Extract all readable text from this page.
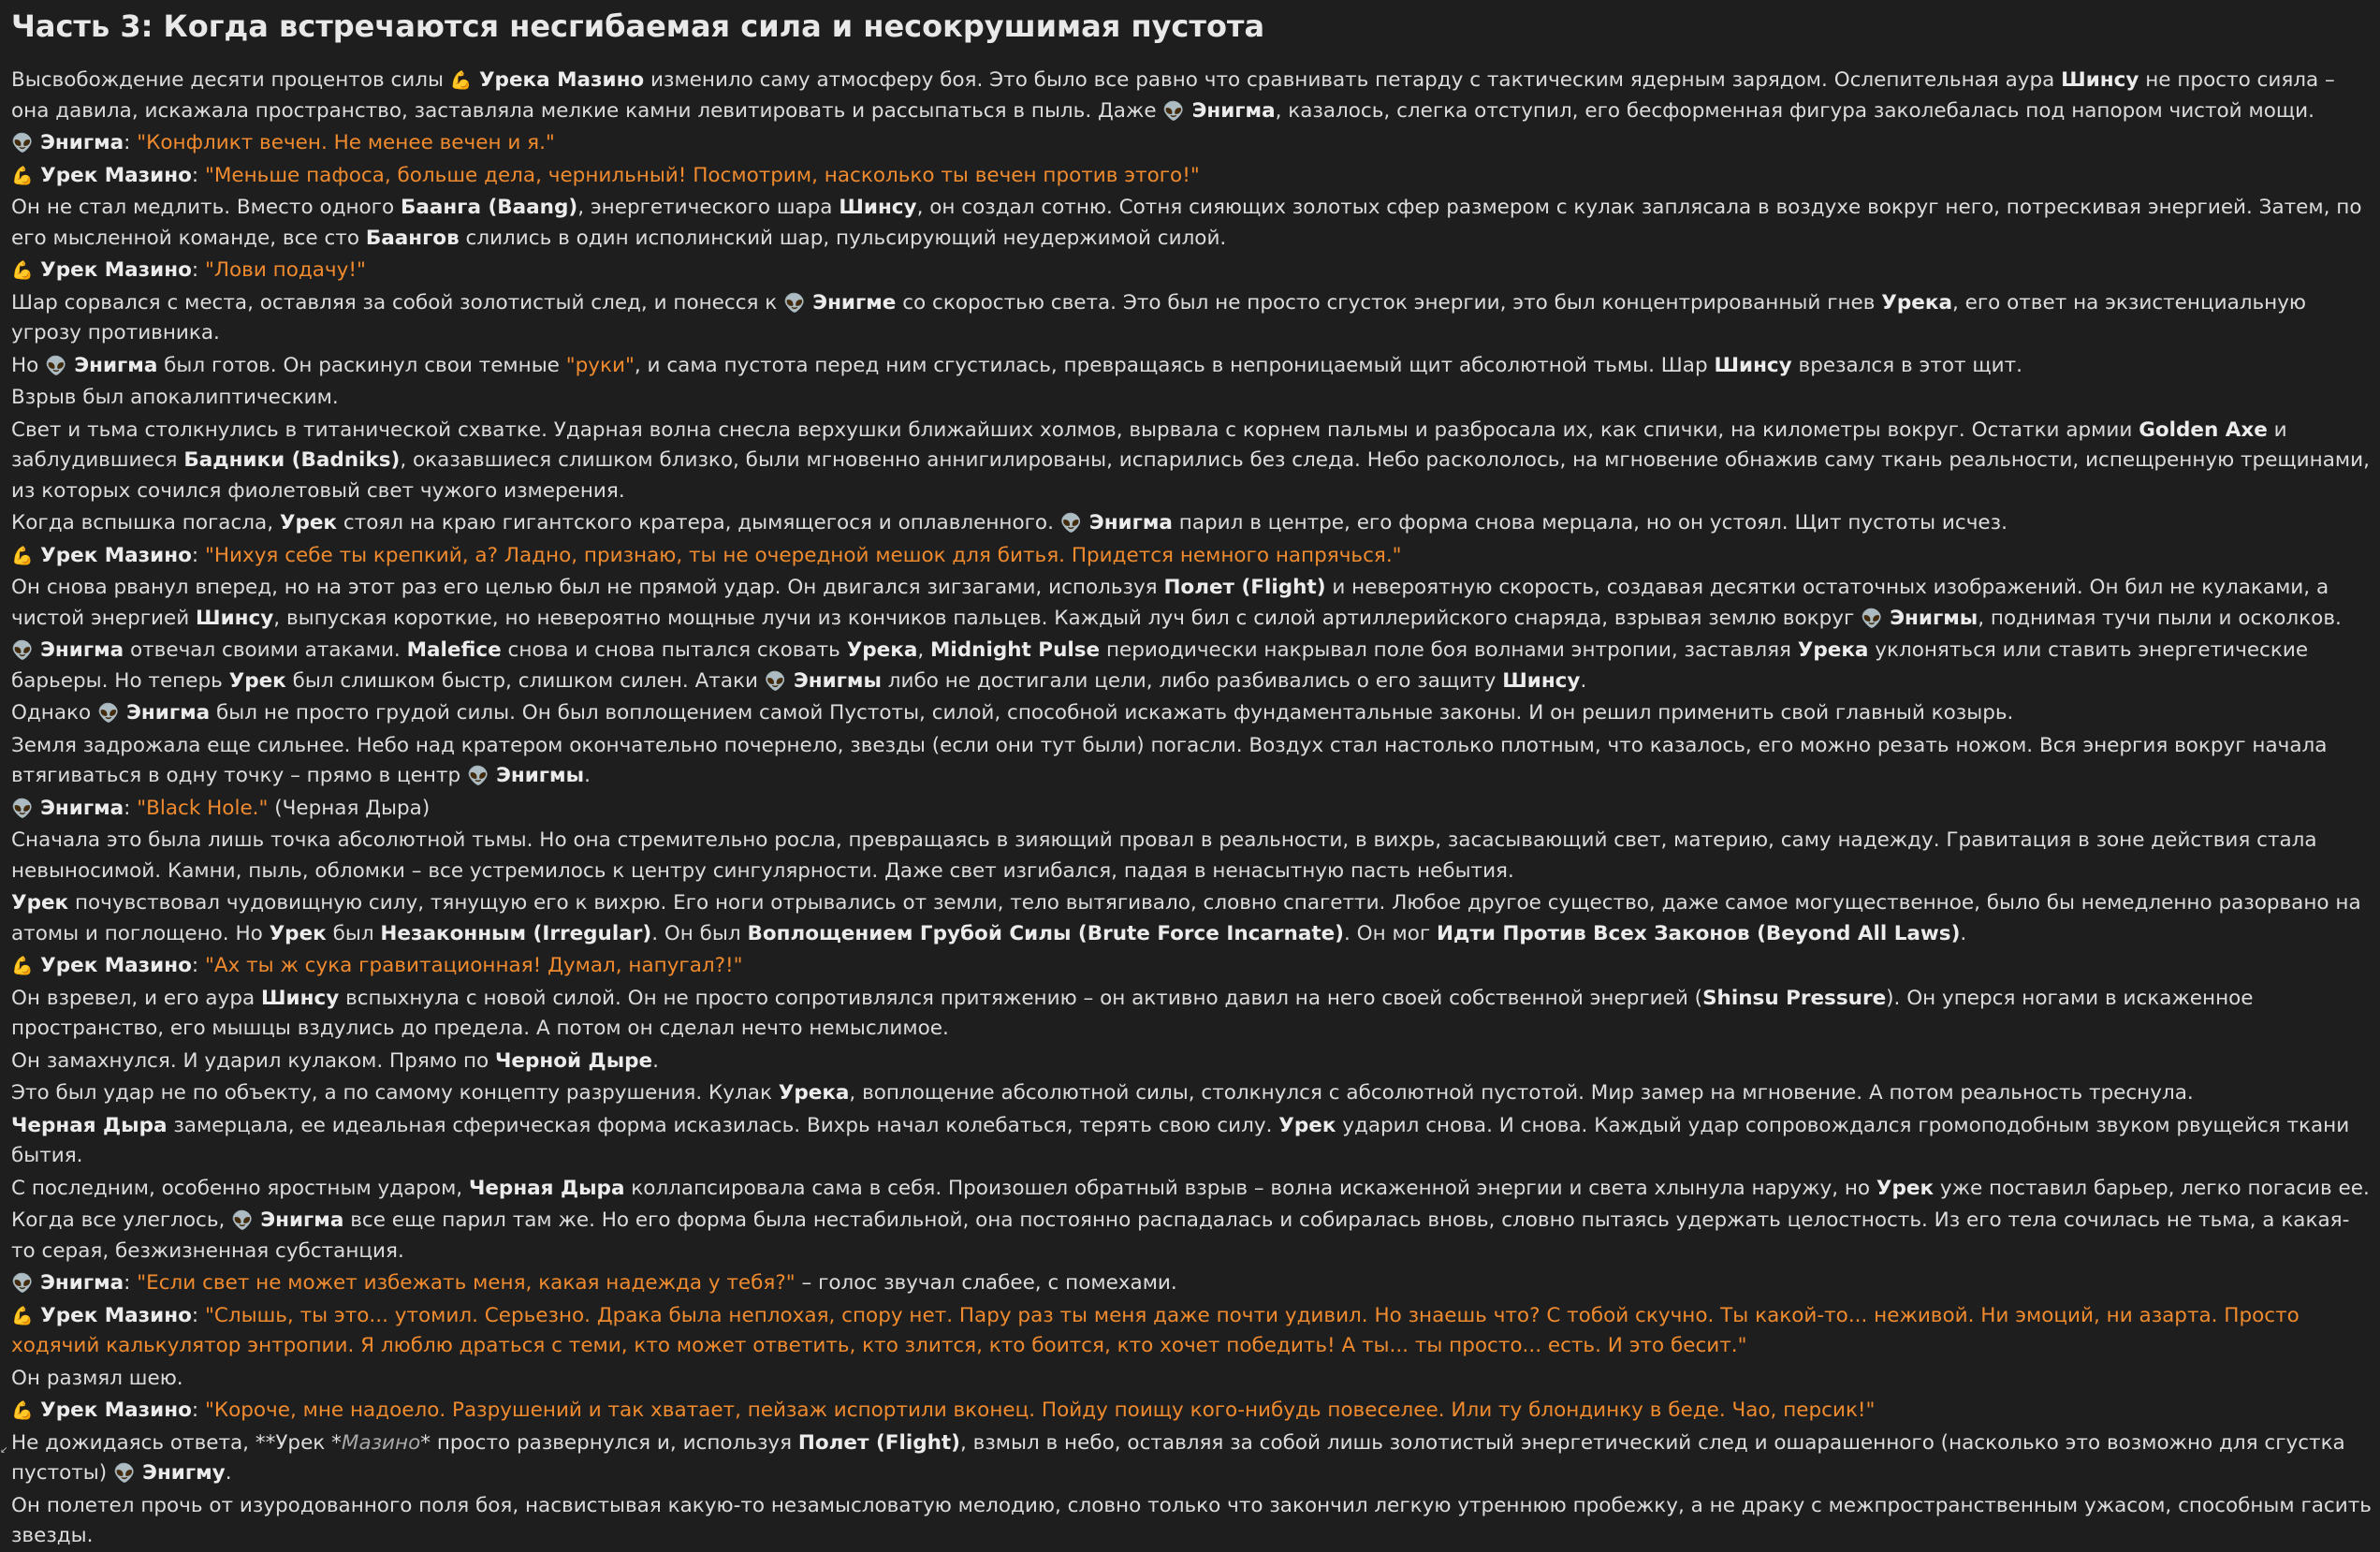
Часть 3: Когда встречаются несгибаемая сила и несокрушимая пустота
Высвобождение десяти процентов силы 💪 Урека Мазино изменило саму атмосферу боя. Это было все равно что сравнивать петарду с тактическим ядерным зарядом. Ослепительная аура Шинсу не просто сияла – она давила, искажала пространство, заставляла мелкие камни левитировать и рассыпаться в пыль. Даже 👽 Энигма, казалось, слегка отступил, его бесформенная фигура заколебалась под напором чистой мощи.
👽 Энигма: "Конфликт вечен. Не менее вечен и я."
💪 Урек Мазино: "Меньше пафоса, больше дела, чернильный! Посмотрим, насколько ты вечен против этого!"
Он не стал медлить. Вместо одного Баанга (Baang), энергетического шара Шинсу, он создал сотню. Сотня сияющих золотых сфер размером с кулак заплясала в воздухе вокруг него, потрескивая энергией. Затем, по его мысленной команде, все сто Баангов слились в один исполинский шар, пульсирующий неудержимой силой.
💪 Урек Мазино: "Лови подачу!"
Шар сорвался с места, оставляя за собой золотистый след, и понесся к 👽 Энигме со скоростью света. Это был не просто сгусток энергии, это был концентрированный гнев Урека, его ответ на экзистенциальную угрозу противника.
Но 👽 Энигма был готов. Он раскинул свои темные "руки", и сама пустота перед ним сгустилась, превращаясь в непроницаемый щит абсолютной тьмы. Шар Шинсу врезался в этот щит.
Взрыв был апокалиптическим.
Свет и тьма столкнулись в титанической схватке. Ударная волна снесла верхушки ближайших холмов, вырвала с корнем пальмы и разбросала их, как спички, на километры вокруг. Остатки армии Golden Axe и заблудившиеся Бадники (Badniks), оказавшиеся слишком близко, были мгновенно аннигилированы, испарились без следа. Небо раскололось, на мгновение обнажив саму ткань реальности, испещренную трещинами, из которых сочился фиолетовый свет чужого измерения.
Когда вспышка погасла, Урек стоял на краю гигантского кратера, дымящегося и оплавленного. 👽 Энигма парил в центре, его форма снова мерцала, но он устоял. Щит пустоты исчез.
💪 Урек Мазино: "Нихуя себе ты крепкий, а? Ладно, признаю, ты не очередной мешок для битья. Придется немного напрячься."
Он снова рванул вперед, но на этот раз его целью был не прямой удар. Он двигался зигзагами, используя Полет (Flight) и невероятную скорость, создавая десятки остаточных изображений. Он бил не кулаками, а чистой энергией Шинсу, выпуская короткие, но невероятно мощные лучи из кончиков пальцев. Каждый луч бил с силой артиллерийского снаряда, взрывая землю вокруг 👽 Энигмы, поднимая тучи пыли и осколков.
👽 Энигма отвечал своими атаками. Malefice снова и снова пытался сковать Урека, Midnight Pulse периодически накрывал поле боя волнами энтропии, заставляя Урека уклоняться или ставить энергетические барьеры. Но теперь Урек был слишком быстр, слишком силен. Атаки 👽 Энигмы либо не достигали цели, либо разбивались о его защиту Шинсу.
Однако 👽 Энигма был не просто грудой силы. Он был воплощением самой Пустоты, силой, способной искажать фундаментальные законы. И он решил применить свой главный козырь.
Земля задрожала еще сильнее. Небо над кратером окончательно почернело, звезды (если они тут были) погасли. Воздух стал настолько плотным, что казалось, его можно резать ножом. Вся энергия вокруг начала втягиваться в одну точку – прямо в центр 👽 Энигмы.
👽 Энигма: "Black Hole." (Черная Дыра)
Сначала это была лишь точка абсолютной тьмы. Но она стремительно росла, превращаясь в зияющий провал в реальности, в вихрь, засасывающий свет, материю, саму надежду. Гравитация в зоне действия стала невыносимой. Камни, пыль, обломки – все устремилось к центру сингулярности. Даже свет изгибался, падая в ненасытную пасть небытия.
Урек почувствовал чудовищную силу, тянущую его к вихрю. Его ноги отрывались от земли, тело вытягивало, словно спагетти. Любое другое существо, даже самое могущественное, было бы немедленно разорвано на атомы и поглощено. Но Урек был Незаконным (Irregular). Он был Воплощением Грубой Силы (Brute Force Incarnate). Он мог Идти Против Всех Законов (Beyond All Laws).
💪 Урек Мазино: "Ах ты ж сука гравитационная! Думал, напугал?!"
Он взревел, и его аура Шинсу вспыхнула с новой силой. Он не просто сопротивлялся притяжению – он активно давил на него своей собственной энергией (Shinsu Pressure). Он уперся ногами в искаженное пространство, его мышцы вздулись до предела. А потом он сделал нечто немыслимое.
Он замахнулся. И ударил кулаком. Прямо по Черной Дыре.
Это был удар не по объекту, а по самому концепту разрушения. Кулак Урека, воплощение абсолютной силы, столкнулся с абсолютной пустотой. Мир замер на мгновение. А потом реальность треснула.
Черная Дыра замерцала, ее идеальная сферическая форма исказилась. Вихрь начал колебаться, терять свою силу. Урек ударил снова. И снова. Каждый удар сопровождался громоподобным звуком рвущейся ткани бытия.
С последним, особенно яростным ударом, Черная Дыра коллапсировала сама в себя. Произошел обратный взрыв – волна искаженной энергии и света хлынула наружу, но Урек уже поставил барьер, легко погасив ее.
Когда все улеглось, 👽 Энигма все еще парил там же. Но его форма была нестабильной, она постоянно распадалась и собиралась вновь, словно пытаясь удержать целостность. Из его тела сочилась не тьма, а какая-то серая, безжизненная субстанция.
👽 Энигма: "Если свет не может избежать меня, какая надежда у тебя?" – голос звучал слабее, с помехами.
💪 Урек Мазино: "Слышь, ты это... утомил. Серьезно. Драка была неплохая, спору нет. Пару раз ты меня даже почти удивил. Но знаешь что? С тобой скучно. Ты какой-то... неживой. Ни эмоций, ни азарта. Просто ходячий калькулятор энтропии. Я люблю драться с теми, кто может ответить, кто злится, кто боится, кто хочет победить! А ты... ты просто... есть. И это бесит."
Он размял шею.
💪 Урек Мазино: "Короче, мне надоело. Разрушений и так хватает, пейзаж испортили вконец. Пойду поищу кого-нибудь повеселее. Или ту блондинку в беде. Чао, персик!"
Не дожидаясь ответа, **Урек *Мазино* просто развернулся и, используя Полет (Flight), взмыл в небо, оставляя за собой лишь золотистый энергетический след и ошарашенного (насколько это возможно для сгустка пустоты) 👽 Энигму.
Он полетел прочь от изуродованного поля боя, насвистывая какую-то незамысловатую мелодию, словно только что закончил легкую утреннюю пробежку, а не драку с межпространственным ужасом, способным гасить звезды.
↙
